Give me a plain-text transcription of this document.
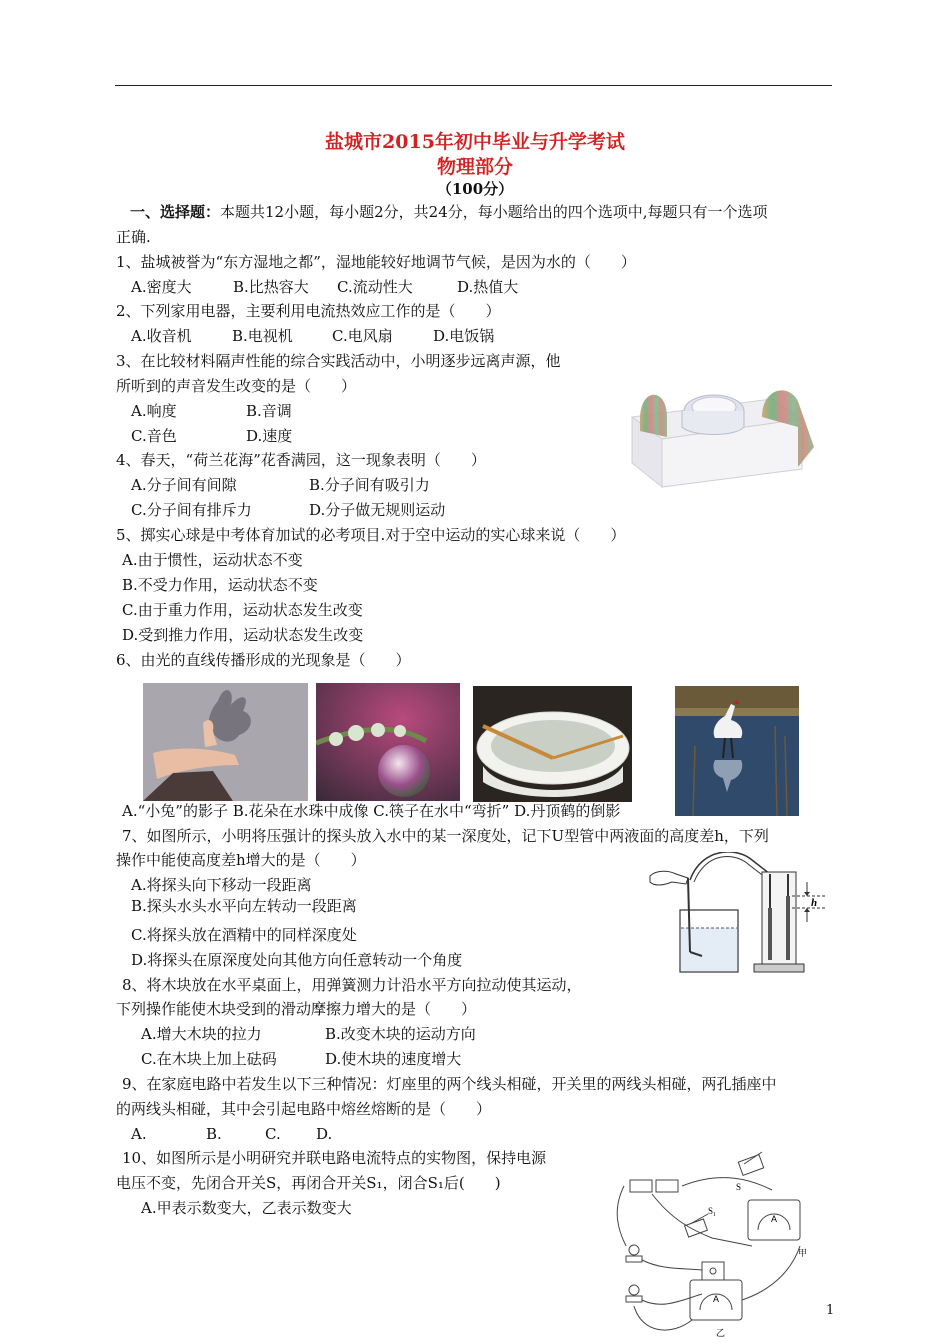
盐城市2015年初中毕业与升学考试
物理部分
（100分）
一、选择题：本题共12小题，每小题2分，共24分，每小题给出的四个选项中,每题只有一个选项
正确.
1、盐城被誉为“东方湿地之都”，湿地能较好地调节气候，是因为水的（　　）
A.密度大	B.比热容大 C.流动性大	D.热值大
2、下列家用电器，主要利用电流热效应工作的是（　　）
A.收音机	B.电视机	C.电风扇	D.电饭锅
3、在比较材料隔声性能的综合实践活动中，小明逐步远离声源，他
所听到的声音发生改变的是（　　）
A.响度	B.音调
C.音色	D.速度
4、春天，“荷兰花海”花香满园，这一现象表明（　　）
A.分子间有间隙	B.分子间有吸引力
C.分子间有排斥力	D.分子做无规则运动
5、掷实心球是中考体育加试的必考项目.对于空中运动的实心球来说（　　）
A.由于惯性，运动状态不变
B.不受力作用，运动状态不变
C.由于重力作用，运动状态发生改变
D.受到推力作用，运动状态发生改变
6、由光的直线传播形成的光现象是（　　）
A.“小兔”的影子 B.花朵在水珠中成像 C.筷子在水中“弯折” D.丹顶鹤的倒影
7、如图所示，小明将压强计的探头放入水中的某一深度处，记下U型管中两液面的高度差h，下列
操作中能使高度差h增大的是（　　）
A.将探头向下移动一段距离
B.探头水头水平向左转动一段距离
C.将探头放在酒精中的同样深度处
D.将探头在原深度处向其他方向任意转动一个角度
h
8、将木块放在水平桌面上，用弹簧测力计沿水平方向拉动使其运动，
下列操作能使木块受到的滑动摩擦力增大的是（　　）
A.增大木块的拉力	B.改变木块的运动方向
C.在木块上加上砝码	D.使木块的速度增大
9、在家庭电路中若发生以下三种情况：灯座里的两个线头相碰，开关里的两线头相碰，两孔插座中
的两线头相碰，其中会引起电路中熔丝熔断的是（　　）
A.	B.	C. D.
10、如图所示是小明研究并联电路电流特点的实物图，保持电源
电压不变，先闭合开关S，再闭合开关S₁，闭合S₁后(　　)
A.甲表示数变大，乙表示数变大
S
S₁
A
A
甲
乙
1
